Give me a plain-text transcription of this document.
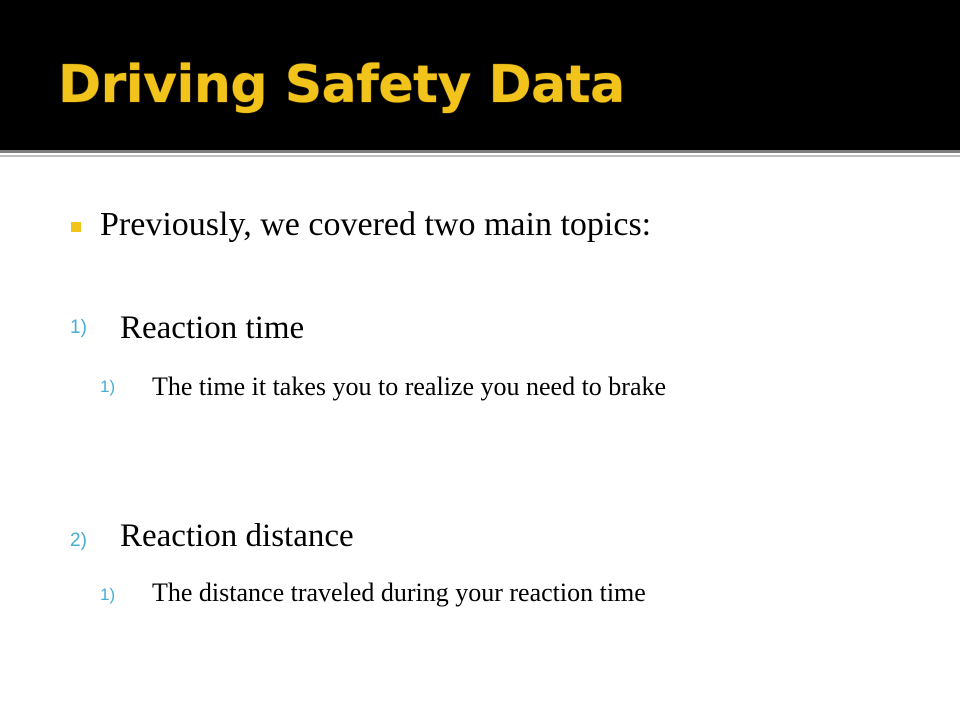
Driving Safety Data
Previously, we covered two main topics:
1) Reaction time
1) The time it takes you to realize you need to brake
2) Reaction distance
1) The distance traveled during your reaction time
